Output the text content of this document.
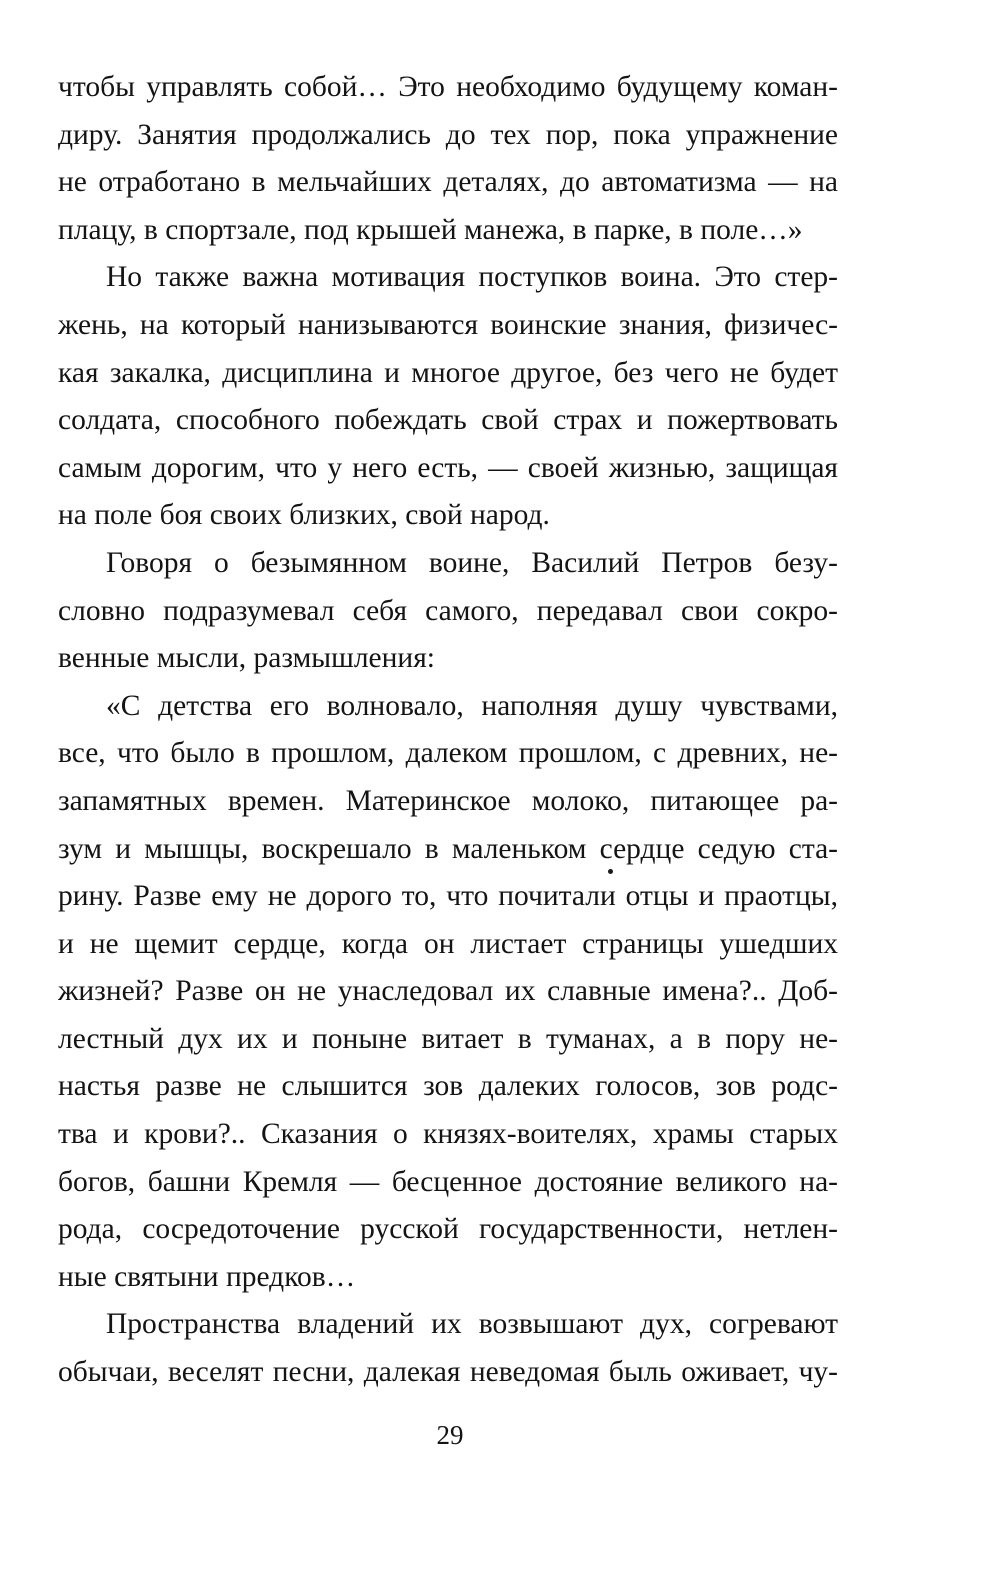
чтобы управлять собой… Это необходимо будущему коман-
диру. Занятия продолжались до тех пор, пока упражнение
не отработано в мельчайших деталях, до автоматизма — на
плацу, в спортзале, под крышей манежа, в парке, в поле…»
Но также важна мотивация поступков воина. Это стер-
жень, на который нанизываются воинские знания, физичес-
кая закалка, дисциплина и многое другое, без чего не будет
солдата, способного побеждать свой страх и пожертвовать
самым дорогим, что у него есть, — своей жизнью, защищая
на поле боя своих близких, свой народ.
Говоря о безымянном воине, Василий Петров безу-
словно подразумевал себя самого, передавал свои сокро-
венные мысли, размышления:
«С детства его волновало, наполняя душу чувствами,
все, что было в прошлом, далеком прошлом, с древних, не-
запамятных времен. Материнское молоко, питающее ра-
зум и мышцы, воскрешало в маленьком сердце седую ста-
рину. Разве ему не дорого то, что почитали отцы и праотцы,
и не щемит сердце, когда он листает страницы ушедших
жизней? Разве он не унаследовал их славные имена?.. Доб-
лестный дух их и поныне витает в туманах, а в пору не-
настья разве не слышится зов далеких голосов, зов родс-
тва и крови?.. Сказания о князях-воителях, храмы старых
богов, башни Кремля — бесценное достояние великого на-
рода, сосредоточение русской государственности, нетлен-
ные святыни предков…
Пространства владений их возвышают дух, согревают
обычаи, веселят песни, далекая неведомая быль оживает, чу-
29
